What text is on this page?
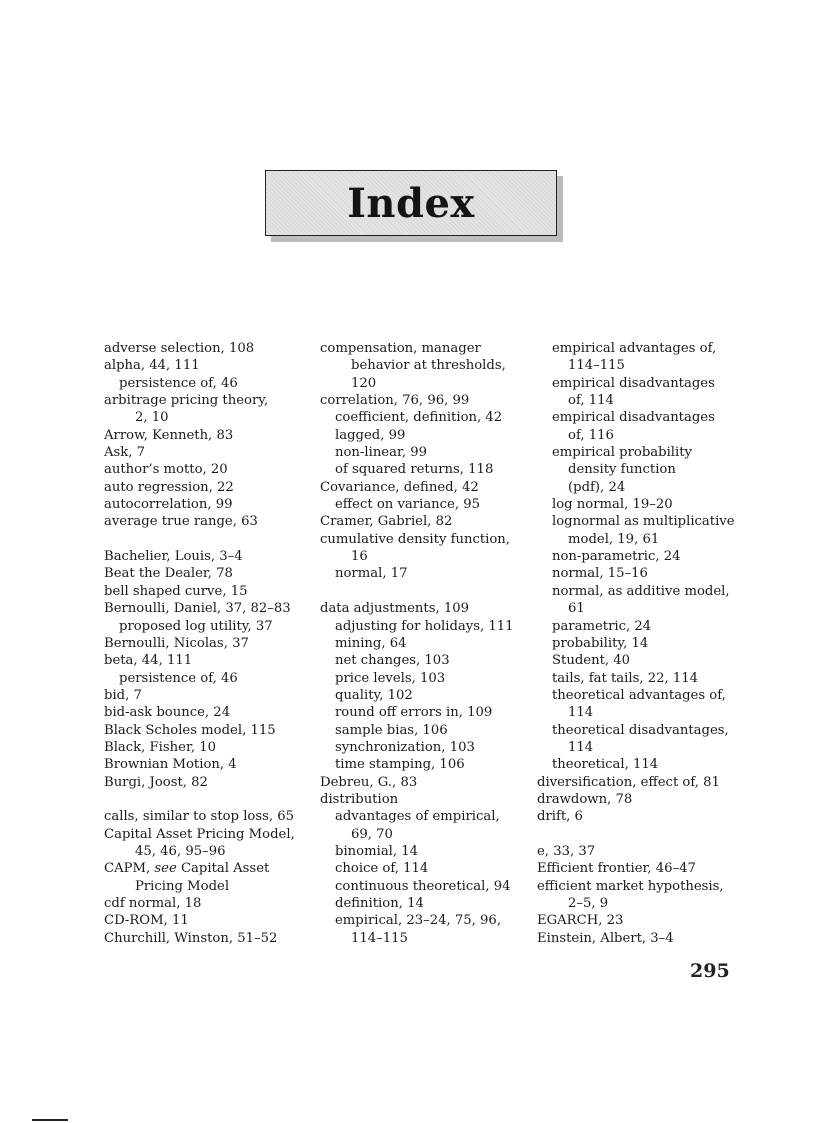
Index
adverse selection, 108
alpha, 44, 111
persistence of, 46
arbitrage pricing theory,
2, 10
Arrow, Kenneth, 83
Ask, 7
author’s motto, 20
auto regression, 22
autocorrelation, 99
average true range, 63
Bachelier, Louis, 3–4
Beat the Dealer, 78
bell shaped curve, 15
Bernoulli, Daniel, 37, 82–83
proposed log utility, 37
Bernoulli, Nicolas, 37
beta, 44, 111
persistence of, 46
bid, 7
bid-ask bounce, 24
Black Scholes model, 115
Black, Fisher, 10
Brownian Motion, 4
Burgi, Joost, 82
calls, similar to stop loss, 65
Capital Asset Pricing Model,
45, 46, 95–96
CAPM, see Capital Asset
Pricing Model
cdf normal, 18
CD-ROM, 11
Churchill, Winston, 51–52
compensation, manager
behavior at thresholds,
120
correlation, 76, 96, 99
coefficient, definition, 42
lagged, 99
non-linear, 99
of squared returns, 118
Covariance, defined, 42
effect on variance, 95
Cramer, Gabriel, 82
cumulative density function,
16
normal, 17
data adjustments, 109
adjusting for holidays, 111
mining, 64
net changes, 103
price levels, 103
quality, 102
round off errors in, 109
sample bias, 106
synchronization, 103
time stamping, 106
Debreu, G., 83
distribution
advantages of empirical,
69, 70
binomial, 14
choice of, 114
continuous theoretical, 94
definition, 14
empirical, 23–24, 75, 96,
114–115
empirical advantages of,
114–115
empirical disadvantages
of, 114
empirical disadvantages
of, 116
empirical probability
density function
(pdf), 24
log normal, 19–20
lognormal as multiplicative
model, 19, 61
non-parametric, 24
normal, 15–16
normal, as additive model,
61
parametric, 24
probability, 14
Student, 40
tails, fat tails, 22, 114
theoretical advantages of,
114
theoretical disadvantages,
114
theoretical, 114
diversification, effect of, 81
drawdown, 78
drift, 6
e, 33, 37
Efficient frontier, 46–47
efficient market hypothesis,
2–5, 9
EGARCH, 23
Einstein, Albert, 3–4
295
